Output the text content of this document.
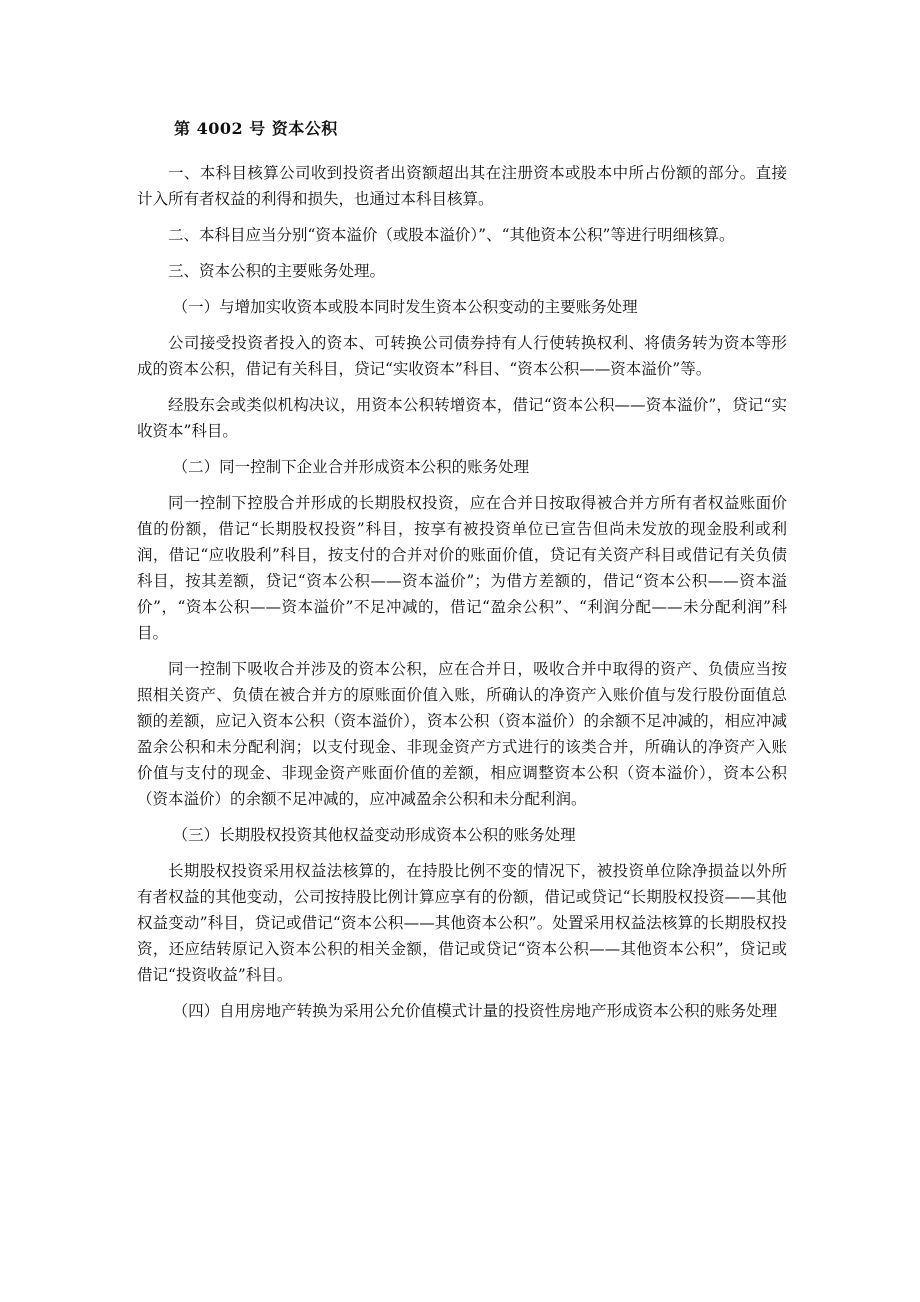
第 4002 号 资本公积

一、本科目核算公司收到投资者出资额超出其在注册资本或股本中所占份额的部分。直接计入所有者权益的利得和损失，也通过本科目核算。

二、本科目应当分别“资本溢价（或股本溢价）”、“其他资本公积”等进行明细核算。

三、资本公积的主要账务处理。

（一）与增加实收资本或股本同时发生资本公积变动的主要账务处理

公司接受投资者投入的资本、可转换公司债券持有人行使转换权利、将债务转为资本等形成的资本公积，借记有关科目，贷记“实收资本”科目、“资本公积——资本溢价”等。

经股东会或类似机构决议，用资本公积转增资本，借记“资本公积——资本溢价”，贷记“实收资本”科目。

（二）同一控制下企业合并形成资本公积的账务处理

同一控制下控股合并形成的长期股权投资，应在合并日按取得被合并方所有者权益账面价值的份额，借记“长期股权投资”科目，按享有被投资单位已宣告但尚未发放的现金股利或利润，借记“应收股利”科目，按支付的合并对价的账面价值，贷记有关资产科目或借记有关负债科目，按其差额，贷记“资本公积——资本溢价”；为借方差额的，借记“资本公积——资本溢价”，“资本公积——资本溢价”不足冲减的，借记“盈余公积”、“利润分配——未分配利润”科目。

同一控制下吸收合并涉及的资本公积，应在合并日，吸收合并中取得的资产、负债应当按照相关资产、负债在被合并方的原账面价值入账，所确认的净资产入账价值与发行股份面值总额的差额，应记入资本公积（资本溢价），资本公积（资本溢价）的余额不足冲减的，相应冲减盈余公积和未分配利润；以支付现金、非现金资产方式进行的该类合并，所确认的净资产入账价值与支付的现金、非现金资产账面价值的差额，相应调整资本公积（资本溢价），资本公积（资本溢价）的余额不足冲减的，应冲减盈余公积和未分配利润。

（三）长期股权投资其他权益变动形成资本公积的账务处理

长期股权投资采用权益法核算的，在持股比例不变的情况下，被投资单位除净损益以外所有者权益的其他变动，公司按持股比例计算应享有的份额，借记或贷记“长期股权投资——其他权益变动”科目，贷记或借记“资本公积——其他资本公积”。处置采用权益法核算的长期股权投资，还应结转原记入资本公积的相关金额，借记或贷记“资本公积——其他资本公积”，贷记或借记“投资收益”科目。

（四）自用房地产转换为采用公允价值模式计量的投资性房地产形成资本公积的账务处理
